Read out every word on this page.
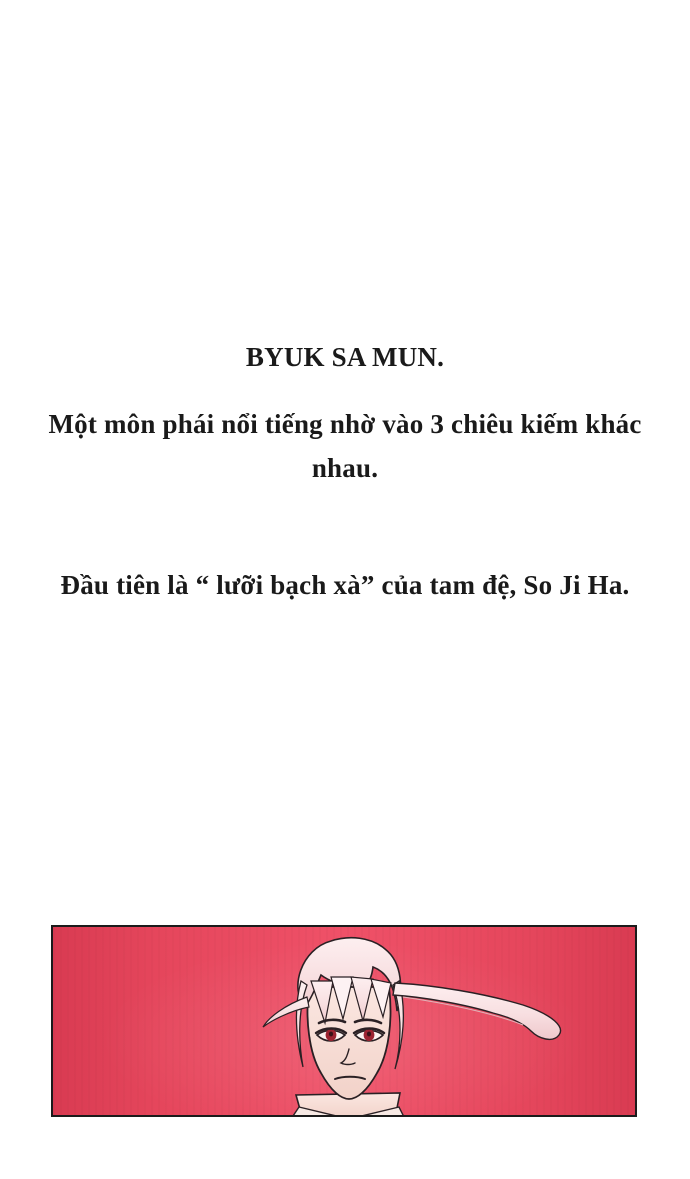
BYUK SA MUN.
Một môn phái nổi tiếng nhờ vào 3 chiêu kiếm khác nhau.
Đầu tiên là “ lưỡi bạch xà” của tam đệ, So Ji Ha.
